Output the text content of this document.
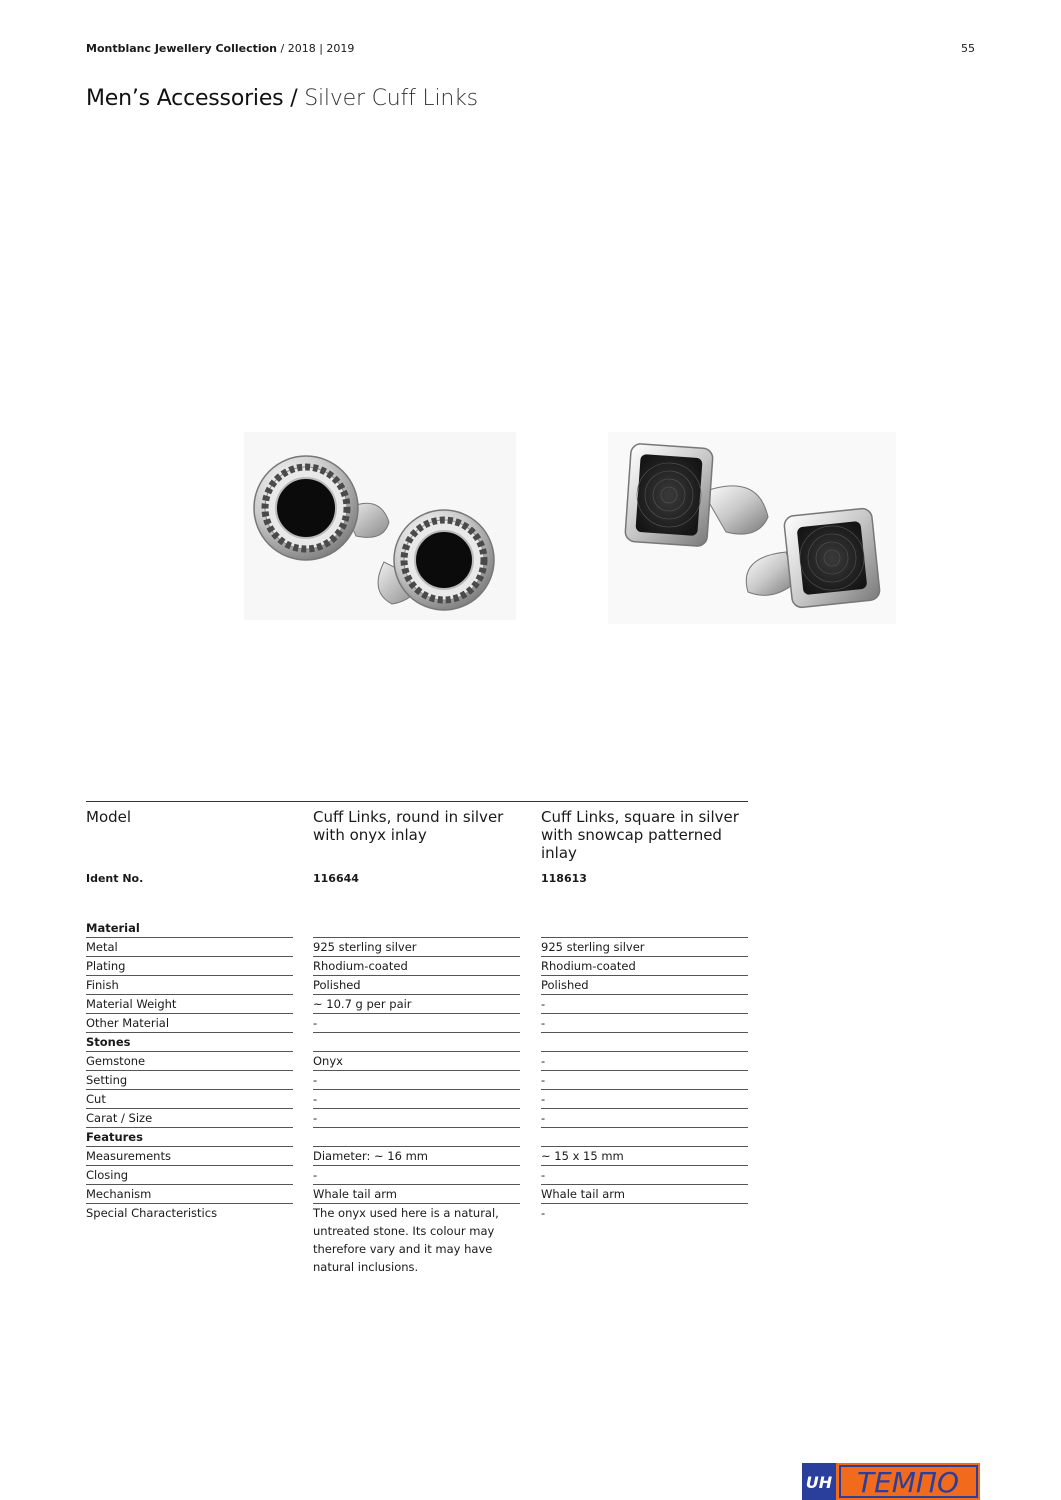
Montblanc Jewellery Collection / 2018 | 2019	55
Men’s Accessories / Silver Cuff Links
Model
Ident No.
Material
Metal
Plating
Finish
Material Weight
Other Material
Stones
Gemstone
Setting
Cut
Carat / Size
Features
Measurements
Closing
Mechanism
Special Characteristics
Cuff Links, round in silver with onyx inlay
116644
925 sterling silver
Rhodium-coated
Polished
~ 10.7 g per pair
-
Onyx
-
-
-
Diameter: ~ 16 mm
-
Whale tail arm
The onyx used here is a natural, untreated stone. Its colour may therefore vary and it may have natural inclusions.
Cuff Links, square in silver with snowcap patterned inlay
118613
925 sterling silver
Rhodium-coated
Polished
-
-
-
-
-
-
~ 15 x 15 mm
-
Whale tail arm
-
UH ТЕМПО
